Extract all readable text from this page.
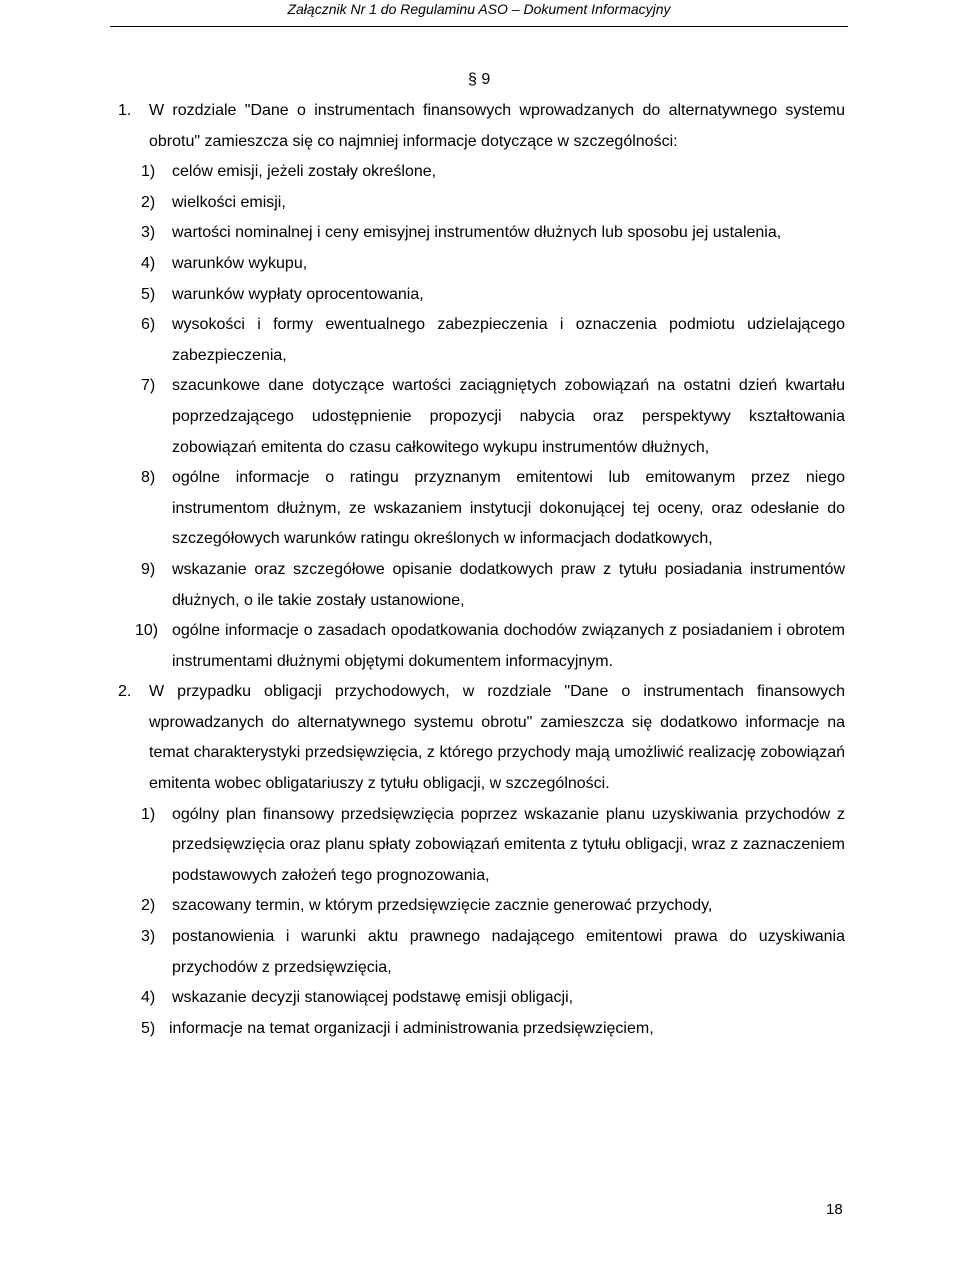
Załącznik Nr 1 do Regulaminu ASO – Dokument Informacyjny
§ 9
1. W rozdziale "Dane o instrumentach finansowych wprowadzanych do alternatywnego systemu obrotu" zamieszcza się co najmniej informacje dotyczące w szczególności:
1) celów emisji, jeżeli zostały określone,
2) wielkości emisji,
3) wartości nominalnej i ceny emisyjnej instrumentów dłużnych lub sposobu jej ustalenia,
4) warunków wykupu,
5) warunków wypłaty oprocentowania,
6) wysokości i formy ewentualnego zabezpieczenia i oznaczenia podmiotu udzielającego zabezpieczenia,
7) szacunkowe dane dotyczące wartości zaciągniętych zobowiązań na ostatni dzień kwartału poprzedzającego udostępnienie propozycji nabycia oraz perspektywy kształtowania zobowiązań emitenta do czasu całkowitego wykupu instrumentów dłużnych,
8) ogólne informacje o ratingu przyznanym emitentowi lub emitowanym przez niego instrumentom dłużnym, ze wskazaniem instytucji dokonującej tej oceny, oraz odesłanie do szczegółowych warunków ratingu określonych w informacjach dodatkowych,
9) wskazanie oraz szczegółowe opisanie dodatkowych praw z tytułu posiadania instrumentów dłużnych, o ile takie zostały ustanowione,
10) ogólne informacje o zasadach opodatkowania dochodów związanych z posiadaniem i obrotem instrumentami dłużnymi objętymi dokumentem informacyjnym.
2. W przypadku obligacji przychodowych, w rozdziale "Dane o instrumentach finansowych wprowadzanych do alternatywnego systemu obrotu" zamieszcza się dodatkowo informacje na temat charakterystyki przedsięwzięcia, z którego przychody mają umożliwić realizację zobowiązań emitenta wobec obligatariuszy z tytułu obligacji, w szczególności.
1) ogólny plan finansowy przedsięwzięcia poprzez wskazanie planu uzyskiwania przychodów z przedsięwzięcia oraz planu spłaty zobowiązań emitenta z tytułu obligacji, wraz z zaznaczeniem podstawowych założeń tego prognozowania,
2) szacowany termin, w którym przedsięwzięcie zacznie generować przychody,
3) postanowienia i warunki aktu prawnego nadającego emitentowi prawa do uzyskiwania przychodów z przedsięwzięcia,
4) wskazanie decyzji stanowiącej podstawę emisji obligacji,
5) informacje na temat organizacji i administrowania przedsięwzięciem,
18
